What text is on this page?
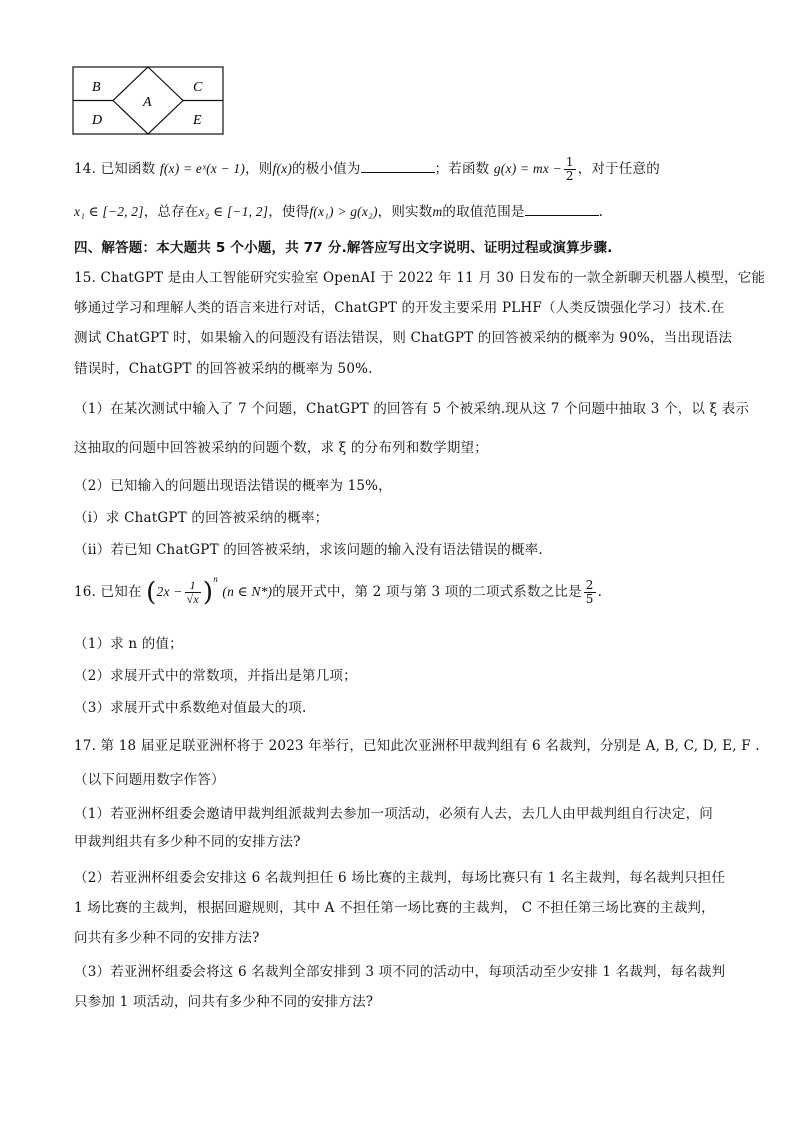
B
A
C
D	E
14. 已知函数 f(x) = eˣ(x − 1)，则f(x)的极小值为	；若函数 g(x) = mx − $\frac{1}{2}$ ，对于任意的
x₁ ∈ [−2, 2]，总存在x₂ ∈ [−1, 2]，使得f(x₁) > g(x₂)，则实数m的取值范围是	.
四、解答题：本大题共 5 个小题，共 77 分.解答应写出文字说明、证明过程或演算步骤.
15. ChatGPT 是由人工智能研究实验室 OpenAI 于 2022 年 11 月 30 日发布的一款全新聊天机器人模型，它能
够通过学习和理解人类的语言来进行对话，ChatGPT 的开发主要采用 PLHF（人类反馈强化学习）技术.在
测试 ChatGPT 时，如果输入的问题没有语法错误，则 ChatGPT 的回答被采纳的概率为 90%，当出现语法
错误时，ChatGPT 的回答被采纳的概率为 50%.
（1）在某次测试中输入了 7 个问题，ChatGPT 的回答有 5 个被采纳.现从这 7 个问题中抽取 3 个，以 ξ 表示
这抽取的问题中回答被采纳的问题个数，求 ξ 的分布列和数学期望；
（2）已知输入的问题出现语法错误的概率为 15%，
（i）求 ChatGPT 的回答被采纳的概率；
（ii）若已知 ChatGPT 的回答被采纳，求该问题的输入没有语法错误的概率.
16. 已知在 $(2x - \frac{1}{√x} )^n$ (n ∈ N*)的展开式中，第 2 项与第 3 项的二项式系数之比是 $\frac{2}{5}$ .
（1）求 n 的值；
（2）求展开式中的常数项，并指出是第几项；
（3）求展开式中系数绝对值最大的项.
17. 第 18 届亚足联亚洲杯将于 2023 年举行，已知此次亚洲杯甲裁判组有 6 名裁判，分别是 A, B, C, D, E, F .
（以下问题用数字作答）
（1）若亚洲杯组委会邀请甲裁判组派裁判去参加一项活动，必须有人去，去几人由甲裁判组自行决定，问
甲裁判组共有多少种不同的安排方法?
（2）若亚洲杯组委会安排这 6 名裁判担任 6 场比赛的主裁判，每场比赛只有 1 名主裁判，每名裁判只担任
1 场比赛的主裁判，根据回避规则，其中 A 不担任第一场比赛的主裁判， C 不担任第三场比赛的主裁判，
问共有多少种不同的安排方法?
（3）若亚洲杯组委会将这 6 名裁判全部安排到 3 项不同的活动中，每项活动至少安排 1 名裁判，每名裁判
只参加 1 项活动，问共有多少种不同的安排方法?
